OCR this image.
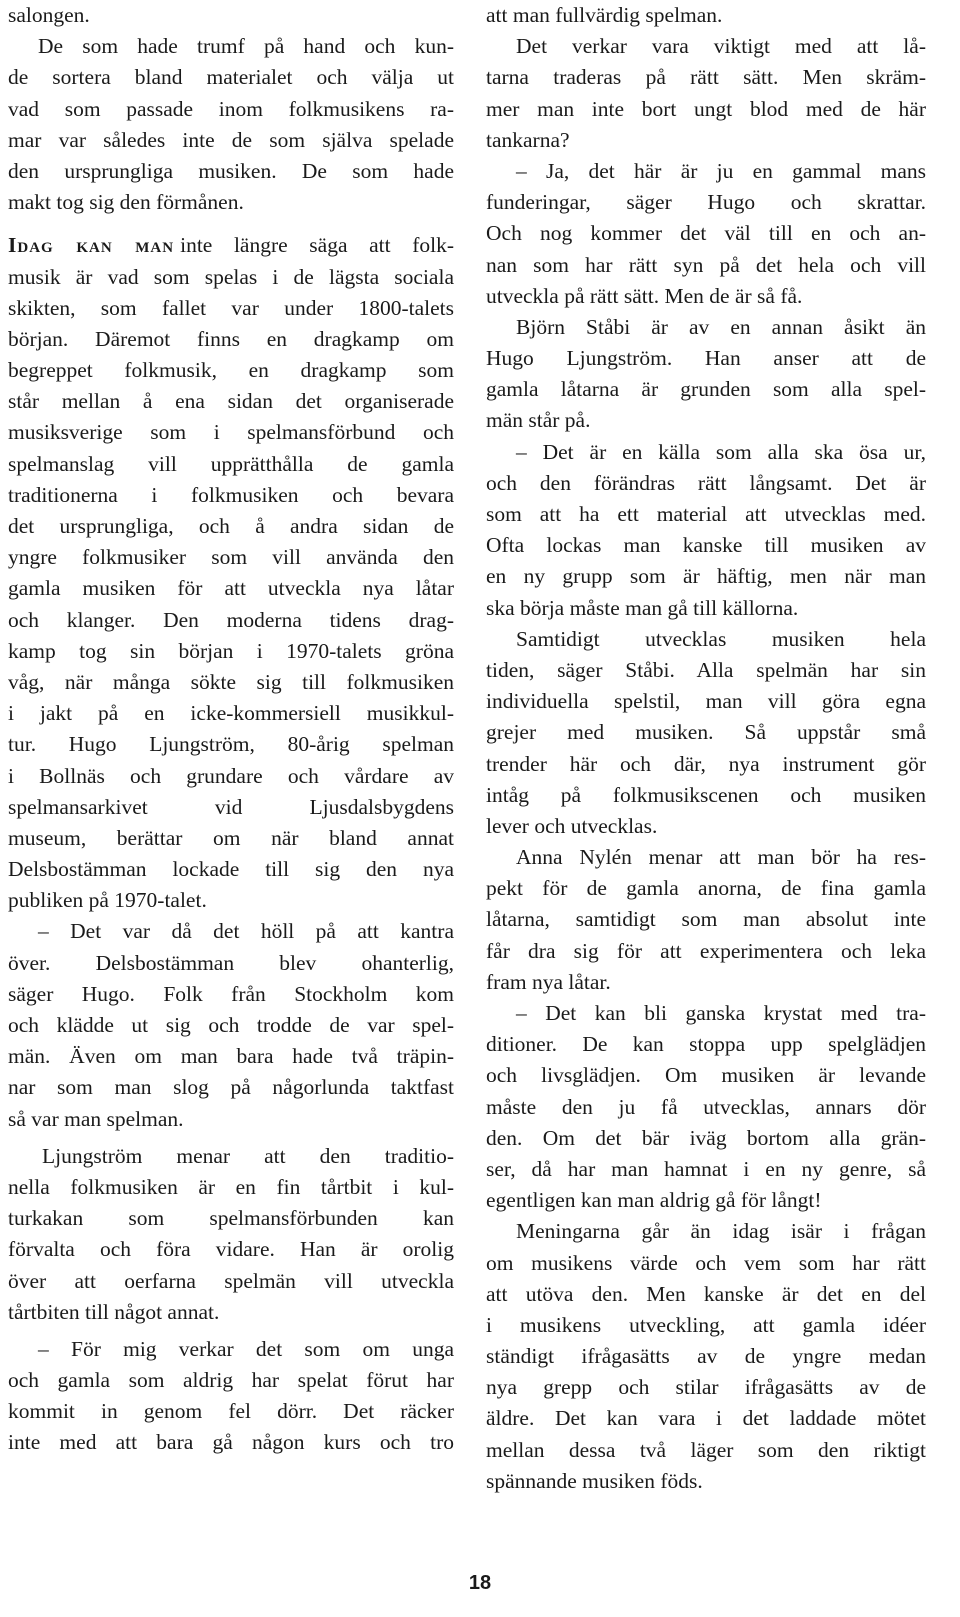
salongen.
De som hade trumf på hand och kun-
de sortera bland materialet och välja ut
vad som passade inom folkmusikens ra-
mar var således inte de som själva spelade
den ursprungliga musiken. De som hade
makt tog sig den förmånen.
Idag kan man inte längre säga att folk-
musik är vad som spelas i de lägsta sociala
skikten, som fallet var under 1800-talets
början. Däremot finns en dragkamp om
begreppet folkmusik, en dragkamp som
står mellan å ena sidan det organiserade
musiksverige som i spelmansförbund och
spelmanslag vill upprätthålla de gamla
traditionerna i folkmusiken och bevara
det ursprungliga, och å andra sidan de
yngre folkmusiker som vill använda den
gamla musiken för att utveckla nya låtar
och klanger. Den moderna tidens drag-
kamp tog sin början i 1970-talets gröna
våg, när många sökte sig till folkmusiken
i jakt på en icke-kommersiell musikkul-
tur. Hugo Ljungström, 80-årig spelman
i Bollnäs och grundare och vårdare av
spelmansarkivet vid Ljusdalsbygdens
museum, berättar om när bland annat
Delsbostämman lockade till sig den nya
publiken på 1970-talet.
– Det var då det höll på att kantra
över. Delsbostämman blev ohanterlig,
säger Hugo. Folk från Stockholm kom
och klädde ut sig och trodde de var spel-
män. Även om man bara hade två träpin-
nar som man slog på någorlunda taktfast
så var man spelman.
Ljungström menar att den traditio-
nella folkmusiken är en fin tårtbit i kul-
turkakan som spelmansförbunden kan
förvalta och föra vidare. Han är orolig
över att oerfarna spelmän vill utveckla
tårtbiten till något annat.
– För mig verkar det som om unga
och gamla som aldrig har spelat förut har
kommit in genom fel dörr. Det räcker
inte med att bara gå någon kurs och tro
att man fullvärdig spelman.
Det verkar vara viktigt med att lå-
tarna traderas på rätt sätt. Men skräm-
mer man inte bort ungt blod med de här
tankarna?
– Ja, det här är ju en gammal mans
funderingar, säger Hugo och skrattar.
Och nog kommer det väl till en och an-
nan som har rätt syn på det hela och vill
utveckla på rätt sätt. Men de är så få.
Björn Ståbi är av en annan åsikt än
Hugo Ljungström. Han anser att de
gamla låtarna är grunden som alla spel-
män står på.
– Det är en källa som alla ska ösa ur,
och den förändras rätt långsamt. Det är
som att ha ett material att utvecklas med.
Ofta lockas man kanske till musiken av
en ny grupp som är häftig, men när man
ska börja måste man gå till källorna.
Samtidigt utvecklas musiken hela
tiden, säger Ståbi. Alla spelmän har sin
individuella spelstil, man vill göra egna
grejer med musiken. Så uppstår små
trender här och där, nya instrument gör
intåg på folkmusikscenen och musiken
lever och utvecklas.
Anna Nylén menar att man bör ha res-
pekt för de gamla anorna, de fina gamla
låtarna, samtidigt som man absolut inte
får dra sig för att experimentera och leka
fram nya låtar.
– Det kan bli ganska krystat med tra-
ditioner. De kan stoppa upp spelglädjen
och livsglädjen. Om musiken är levande
måste den ju få utvecklas, annars dör
den. Om det bär iväg bortom alla grän-
ser, då har man hamnat i en ny genre, så
egentligen kan man aldrig gå för långt!
Meningarna går än idag isär i frågan
om musikens värde och vem som har rätt
att utöva den. Men kanske är det en del
i musikens utveckling, att gamla idéer
ständigt ifrågasätts av de yngre medan
nya grepp och stilar ifrågasätts av de
äldre. Det kan vara i det laddade mötet
mellan dessa två läger som den riktigt
spännande musiken föds.
18
